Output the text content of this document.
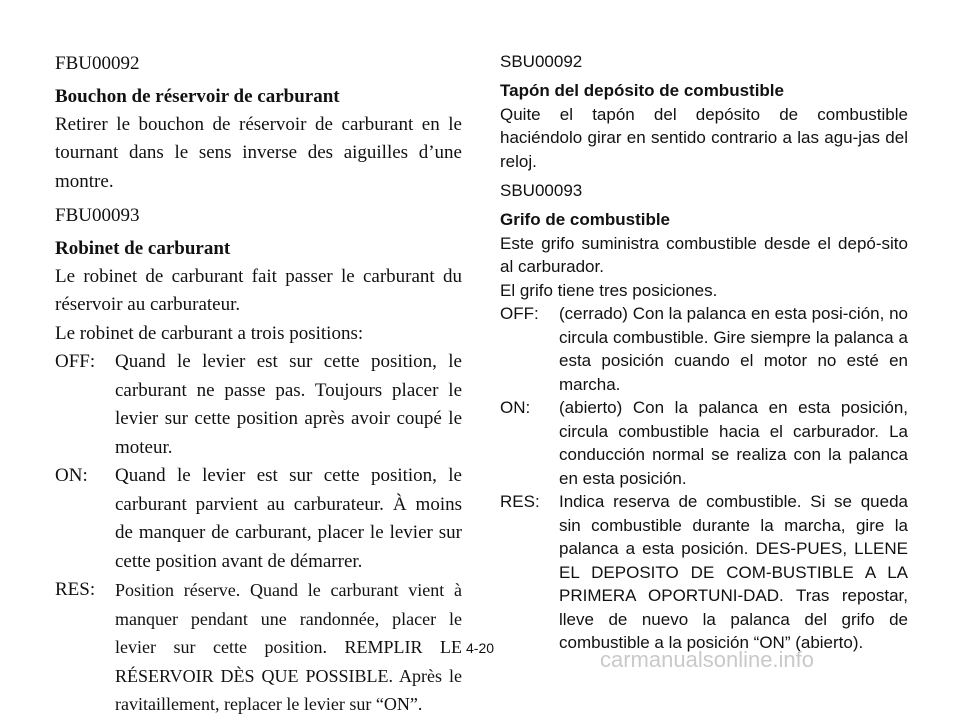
FBU00092

Bouchon de réservoir de carburant

Retirer le bouchon de réservoir de carburant en le tournant dans le sens inverse des aiguilles d’une montre.

FBU00093

Robinet de carburant

Le robinet de carburant fait passer le carburant du réservoir au carburateur.

Le robinet de carburant a trois positions:

OFF:	Quand le levier est sur cette position, le carburant ne passe pas. Toujours placer le levier sur cette position après avoir coupé le moteur.

ON:	Quand le levier est sur cette position, le carburant parvient au carburateur. À moins de manquer de carburant, placer le levier sur cette position avant de démarrer.

RES:	Position réserve. Quand le carburant vient à manquer pendant une randonnée, placer le levier sur cette position. REMPLIR LE RÉSERVOIR DÈS QUE POSSIBLE. Après le ravitaillement, replacer le levier sur “ON”.

SBU00092

Tapón del depósito de combustible

Quite el tapón del depósito de combustible haciéndolo girar en sentido contrario a las agu-jas del reloj.

SBU00093

Grifo de combustible

Este grifo suministra combustible desde el depó-sito al carburador.

El grifo tiene tres posiciones.

OFF:	(cerrado) Con la palanca en esta posi-ción, no circula combustible. Gire siempre la palanca a esta posición cuando el motor no esté en marcha.

ON:	(abierto) Con la palanca en esta posición, circula combustible hacia el carburador. La conducción normal se realiza con la palanca en esta posición.

RES:	Indica reserva de combustible. Si se queda sin combustible durante la marcha, gire la palanca a esta posición. DES-PUES, LLENE EL DEPOSITO DE COM-BUSTIBLE A LA PRIMERA OPORTUNI-DAD. Tras repostar, lleve de nuevo la palanca del grifo de combustible a la posición “ON” (abierto).

4-20	carmanualsonline.info
